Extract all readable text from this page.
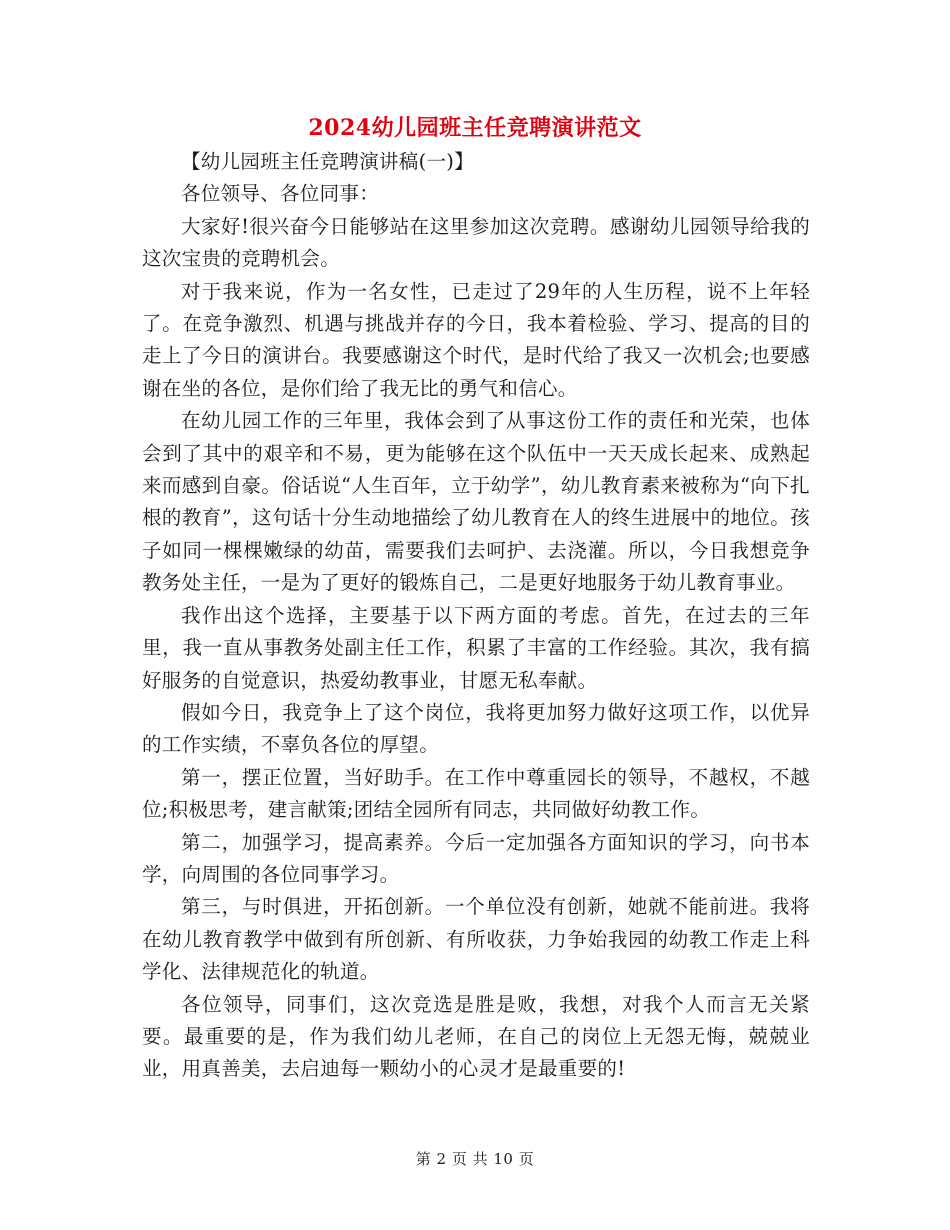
2024幼儿园班主任竞聘演讲范文

【幼儿园班主任竞聘演讲稿(一)】

各位领导、各位同事：

大家好!很兴奋今日能够站在这里参加这次竞聘。感谢幼儿园领导给我的这次宝贵的竞聘机会。

对于我来说，作为一名女性，已走过了29年的人生历程，说不上年轻了。在竞争激烈、机遇与挑战并存的今日，我本着检验、学习、提高的目的走上了今日的演讲台。我要感谢这个时代，是时代给了我又一次机会;也要感谢在坐的各位，是你们给了我无比的勇气和信心。

在幼儿园工作的三年里，我体会到了从事这份工作的责任和光荣，也体会到了其中的艰辛和不易，更为能够在这个队伍中一天天成长起来、成熟起来而感到自豪。俗话说“人生百年，立于幼学”，幼儿教育素来被称为“向下扎根的教育”，这句话十分生动地描绘了幼儿教育在人的终生进展中的地位。孩子如同一棵棵嫩绿的幼苗，需要我们去呵护、去浇灌。所以，今日我想竞争教务处主任，一是为了更好的锻炼自己，二是更好地服务于幼儿教育事业。

我作出这个选择，主要基于以下两方面的考虑。首先，在过去的三年里，我一直从事教务处副主任工作，积累了丰富的工作经验。其次，我有搞好服务的自觉意识，热爱幼教事业，甘愿无私奉献。

假如今日，我竞争上了这个岗位，我将更加努力做好这项工作，以优异的工作实绩，不辜负各位的厚望。

第一，摆正位置，当好助手。在工作中尊重园长的领导，不越权，不越位;积极思考，建言献策;团结全园所有同志，共同做好幼教工作。

第二，加强学习，提高素养。今后一定加强各方面知识的学习，向书本学，向周围的各位同事学习。

第三，与时俱进，开拓创新。一个单位没有创新，她就不能前进。我将在幼儿教育教学中做到有所创新、有所收获，力争始我园的幼教工作走上科学化、法律规范化的轨道。

各位领导，同事们，这次竞选是胜是败，我想，对我个人而言无关紧要。最重要的是，作为我们幼儿老师，在自己的岗位上无怨无悔，兢兢业业，用真善美，去启迪每一颗幼小的心灵才是最重要的!

第 2 页 共 10 页
